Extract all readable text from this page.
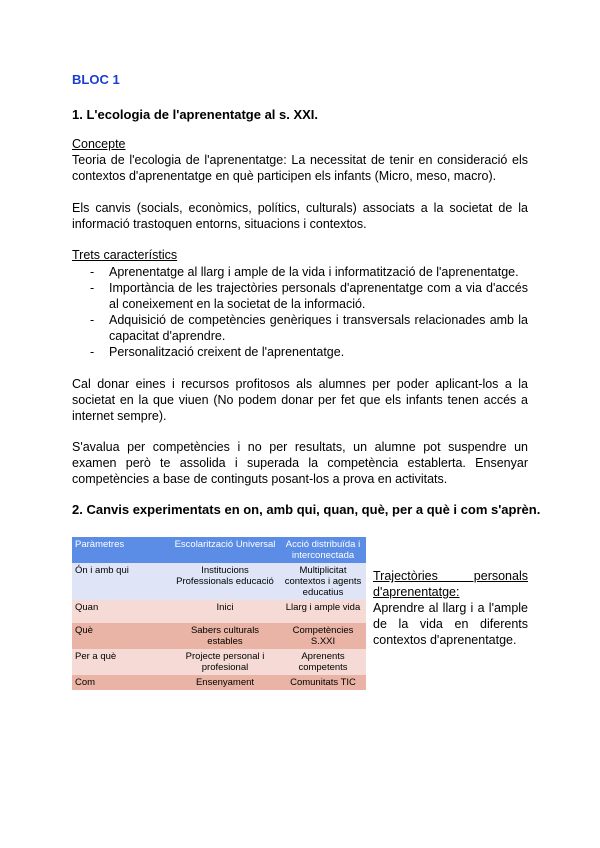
BLOC 1
1. L'ecologia de l'aprenentatge al s. XXI.
Concepte
Teoria de l'ecologia de l'aprenentatge: La necessitat de tenir en consideració els
contextos d'aprenentatge en què participen els infants (Micro, meso, macro).
Els canvis (socials, econòmics, polítics, culturals) associats a la societat de la
informació trastoquen entorns, situacions i contextos.
Trets característics
- Aprenentatge al llarg i ample de la vida i informatització de l'aprenentatge.
- Importància de les trajectòries personals d'aprenentatge com a via d'accés al coneixement en la societat de la informació.
- Adquisició de competències genèriques i transversals relacionades amb la capacitat d'aprendre.
- Personalització creixent de l'aprenentatge.
Cal donar eines i recursos profitosos als alumnes per poder aplicant-los a la
societat en la que viuen (No podem donar per fet que els infants tenen accés a
internet sempre).
S'avalua per competències i no per resultats, un alumne pot suspendre un
examen però te assolida i superada la competència establerta. Ensenyar
competències a base de continguts posant-los a prova en activitats.
2. Canvis experimentats en on, amb qui, quan, què, per a què i com s'aprèn.
Paràmetres	Escolarització Universal	Acció distribuïda i interconectada
Ón i amb qui	Institucions Professionals educació	Multiplicitat contextos i agents educatius
Quan	Inici	Llarg i ample vida
Què	Sabers culturals estables	Competències S.XXI
Per a què	Projecte personal i profesional	Aprenents competents
Com	Ensenyament	Comunitats TIC
Trajectòries personals d'aprenentatge:
Aprendre al llarg i a l'ample de la vida en diferents contextos d'aprenentatge.
